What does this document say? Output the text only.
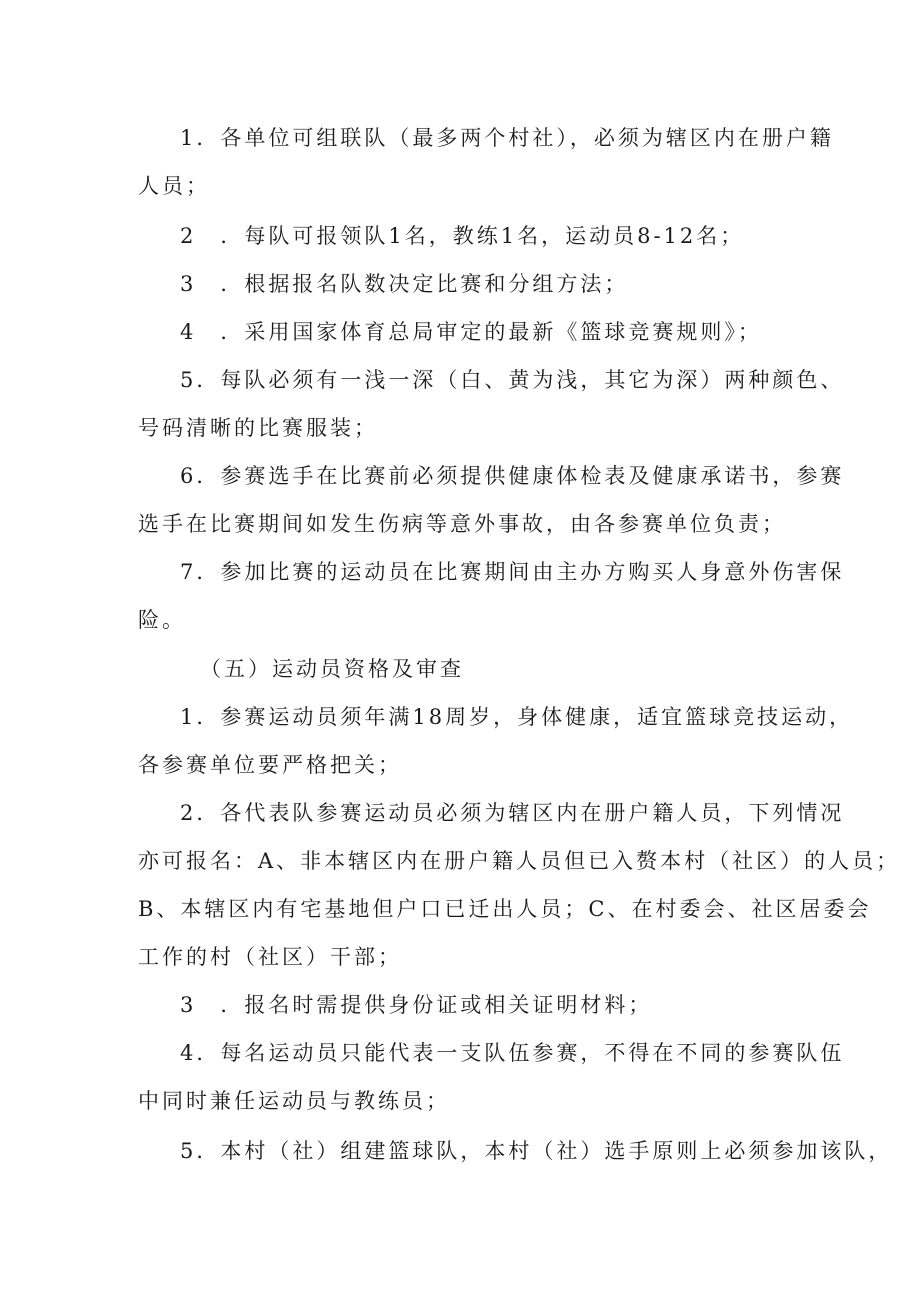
1．各单位可组联队（最多两个村社），必须为辖区内在册户籍
人员；
2　．每队可报领队1名，教练1名，运动员8-12名；
3　．根据报名队数决定比赛和分组方法；
4　．采用国家体育总局审定的最新《篮球竞赛规则》；
5．每队必须有一浅一深（白、黄为浅，其它为深）两种颜色、
号码清晰的比赛服装；
6．参赛选手在比赛前必须提供健康体检表及健康承诺书，参赛
选手在比赛期间如发生伤病等意外事故，由各参赛单位负责；
7．参加比赛的运动员在比赛期间由主办方购买人身意外伤害保
险。
（五）运动员资格及审查
1．参赛运动员须年满18周岁，身体健康，适宜篮球竞技运动，
各参赛单位要严格把关；
2．各代表队参赛运动员必须为辖区内在册户籍人员，下列情况
亦可报名：A、非本辖区内在册户籍人员但已入赘本村（社区）的人员；
B、本辖区内有宅基地但户口已迁出人员；C、在村委会、社区居委会
工作的村（社区）干部；
3　．报名时需提供身份证或相关证明材料；
4．每名运动员只能代表一支队伍参赛，不得在不同的参赛队伍
中同时兼任运动员与教练员；
5．本村（社）组建篮球队，本村（社）选手原则上必须参加该队，
